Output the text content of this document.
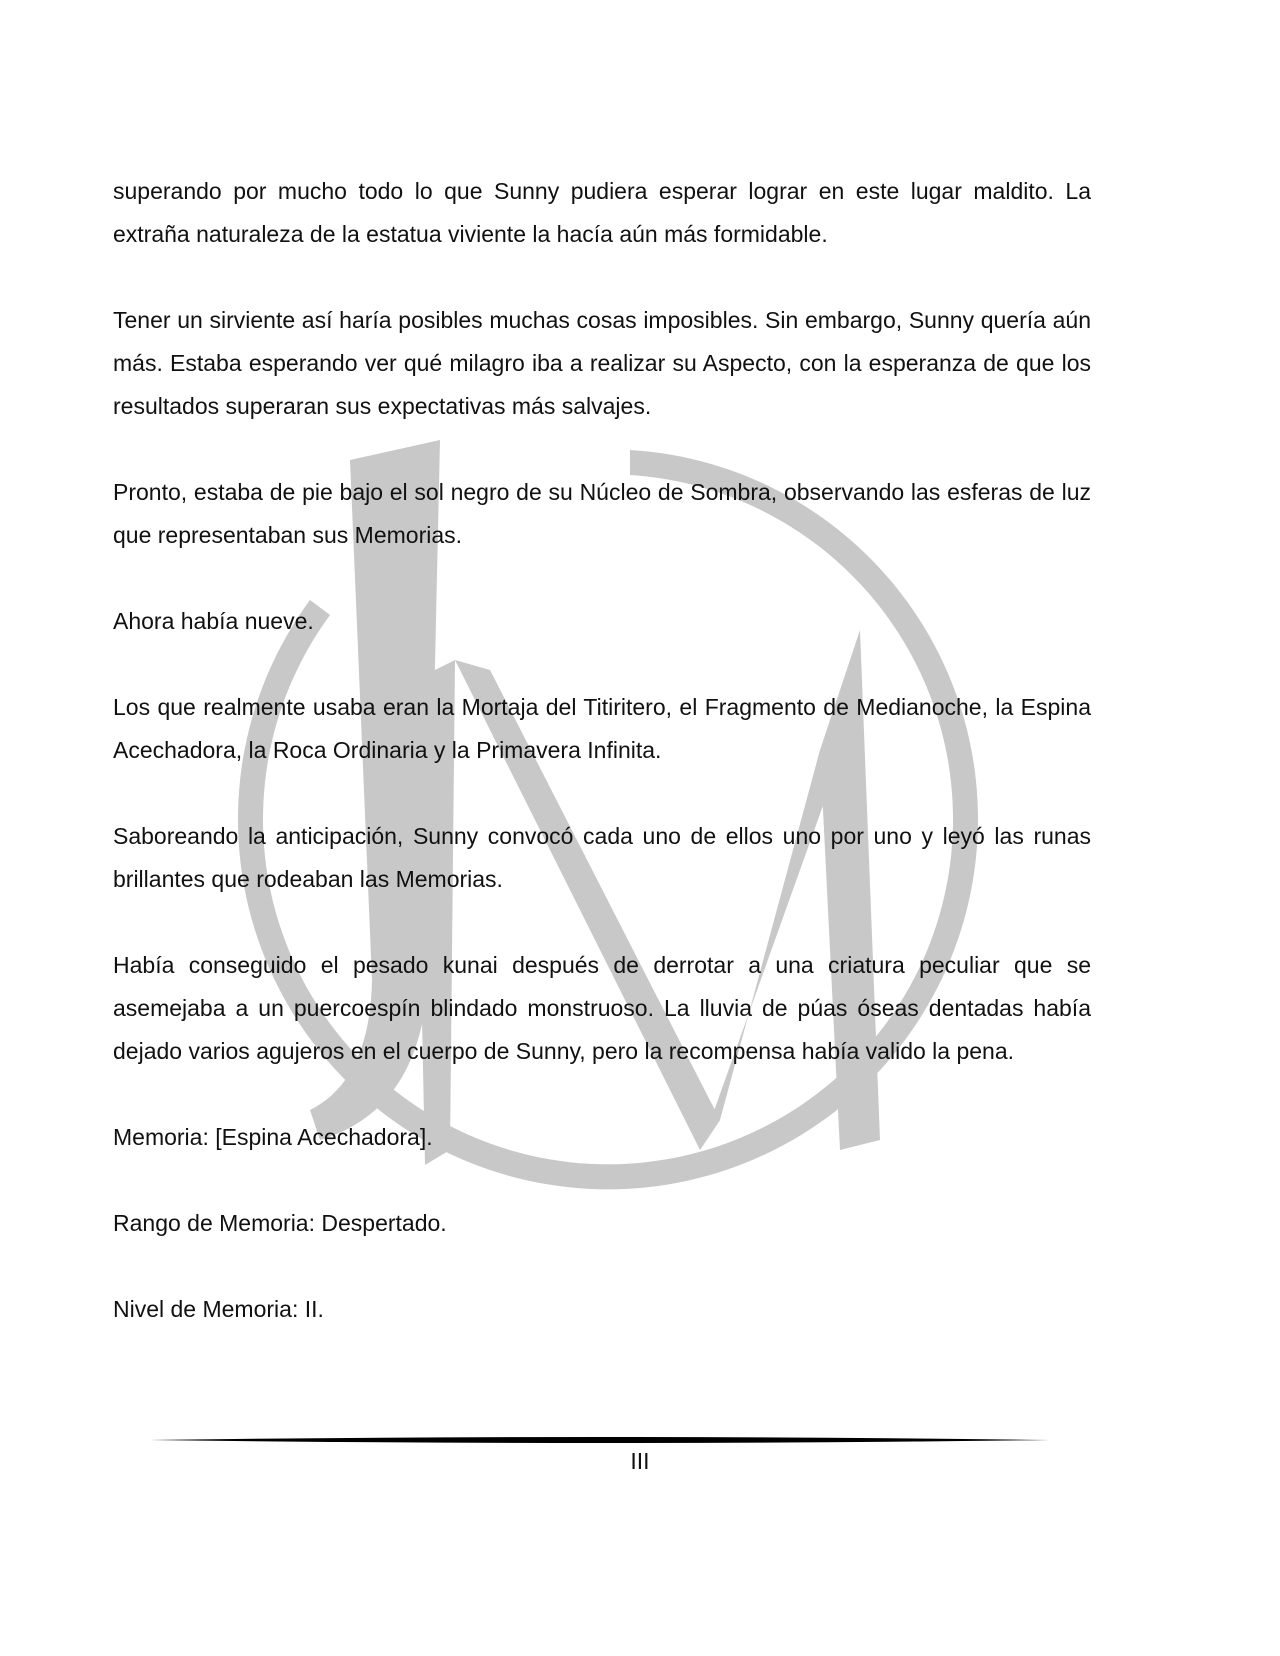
superando por mucho todo lo que Sunny pudiera esperar lograr en este lugar maldito. La extraña naturaleza de la estatua viviente la hacía aún más formidable.

Tener un sirviente así haría posibles muchas cosas imposibles. Sin embargo, Sunny quería aún más. Estaba esperando ver qué milagro iba a realizar su Aspecto, con la esperanza de que los resultados superaran sus expectativas más salvajes.

Pronto, estaba de pie bajo el sol negro de su Núcleo de Sombra, observando las esferas de luz que representaban sus Memorias.

Ahora había nueve.

Los que realmente usaba eran la Mortaja del Titiritero, el Fragmento de Medianoche, la Espina Acechadora, la Roca Ordinaria y la Primavera Infinita.

Saboreando la anticipación, Sunny convocó cada uno de ellos uno por uno y leyó las runas brillantes que rodeaban las Memorias.

Había conseguido el pesado kunai después de derrotar a una criatura peculiar que se asemejaba a un puercoespín blindado monstruoso. La lluvia de púas óseas dentadas había dejado varios agujeros en el cuerpo de Sunny, pero la recompensa había valido la pena.

Memoria: [Espina Acechadora].

Rango de Memoria: Despertado.

Nivel de Memoria: II.

III
